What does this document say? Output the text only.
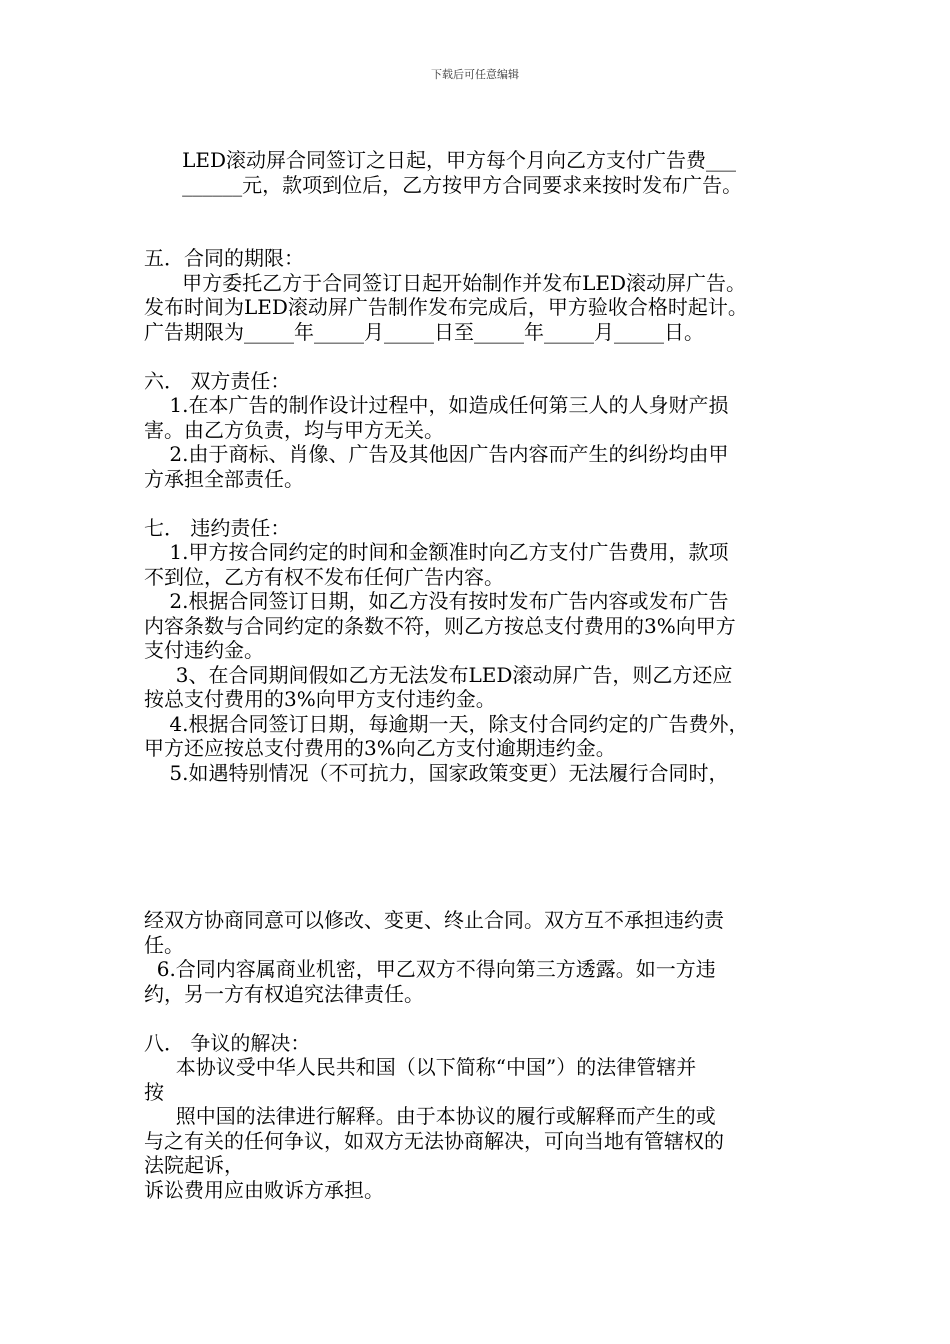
下载后可任意编辑
LED滚动屏合同签订之日起，甲方每个月向乙方支付广告费___
______元，款项到位后，乙方按甲方合同要求来按时发布广告。
五．合同的期限：
甲方委托乙方于合同签订日起开始制作并发布LED滚动屏广告。
发布时间为LED滚动屏广告制作发布完成后，甲方验收合格时起计。
广告期限为_____年_____月_____日至_____年_____月_____日。
六． 双方责任：
1.在本广告的制作设计过程中，如造成任何第三人的人身财产损
害。由乙方负责，均与甲方无关。
2.由于商标、肖像、广告及其他因广告内容而产生的纠纷均由甲
方承担全部责任。
七． 违约责任：
1.甲方按合同约定的时间和金额准时向乙方支付广告费用，款项
不到位，乙方有权不发布任何广告内容。
2.根据合同签订日期，如乙方没有按时发布广告内容或发布广告
内容条数与合同约定的条数不符，则乙方按总支付费用的3%向甲方
支付违约金。
3、在合同期间假如乙方无法发布LED滚动屏广告，则乙方还应
按总支付费用的3%向甲方支付违约金。
4.根据合同签订日期，每逾期一天，除支付合同约定的广告费外，
甲方还应按总支付费用的3%向乙方支付逾期违约金。
5.如遇特别情况（不可抗力，国家政策变更）无法履行合同时，
经双方协商同意可以修改、变更、终止合同。双方互不承担违约责
任。
6.合同内容属商业机密，甲乙双方不得向第三方透露。如一方违
约，另一方有权追究法律责任。
八． 争议的解决：
本协议受中华人民共和国（以下简称“中国”）的法律管辖并
按
照中国的法律进行解释。由于本协议的履行或解释而产生的或
与之有关的任何争议，如双方无法协商解决，可向当地有管辖权的
法院起诉，
诉讼费用应由败诉方承担。
